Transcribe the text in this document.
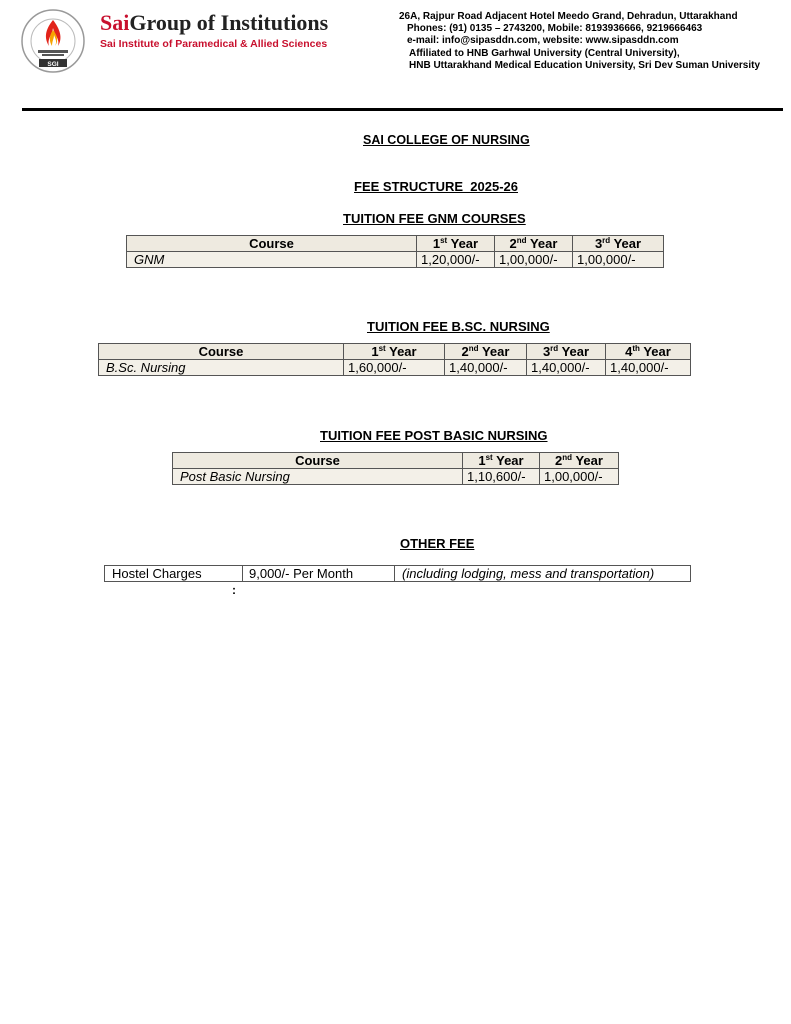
SGI
SaiGroup of Institutions
Sai Institute of Paramedical & Allied Sciences
26A, Rajpur Road Adjacent Hotel Meedo Grand, Dehradun, Uttarakhand
Phones: (91) 0135 – 2743200, Mobile: 8193936666, 9219666463
e-mail: info@sipasddn.com, website: www.sipasddn.com
Affiliated to HNB Garhwal University (Central University),
HNB Uttarakhand Medical Education University, Sri Dev Suman University
SAI COLLEGE OF NURSING
FEE STRUCTURE  2025-26
TUITION FEE GNM COURSES
Course	1st Year	2nd Year	3rd Year
GNM	1,20,000/-	1,00,000/-	1,00,000/-
TUITION FEE B.SC. NURSING
Course	1st Year	2nd Year	3rd Year	4th Year
B.Sc. Nursing	1,60,000/-	1,40,000/-	1,40,000/-	1,40,000/-
TUITION FEE POST BASIC NURSING
Course	1st Year	2nd Year
Post Basic Nursing	1,10,600/-	1,00,000/-
OTHER FEE
Hostel Charges	9,000/- Per Month	(including lodging, mess and transportation)
:
